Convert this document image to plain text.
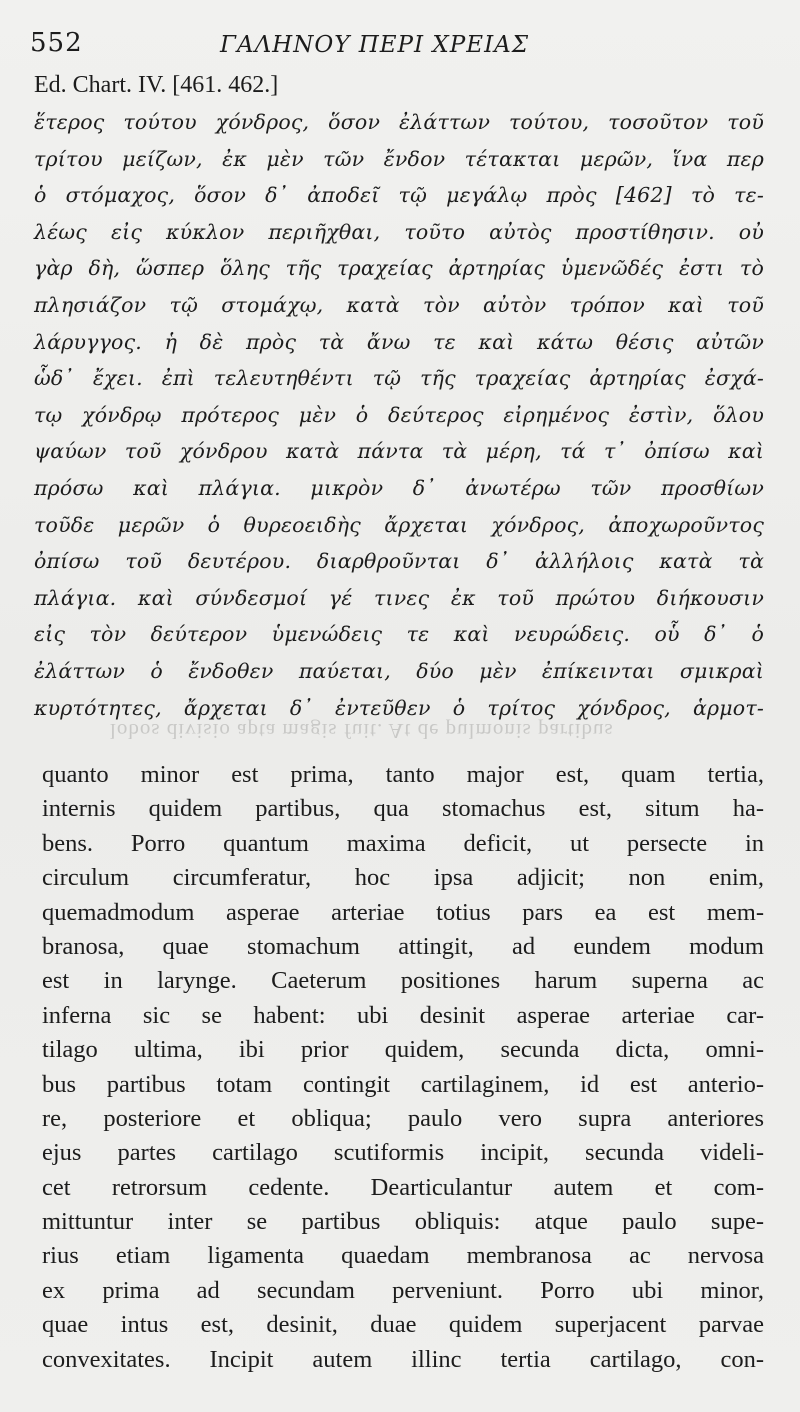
552	ΓΑΛΗΝΟΥ ΠΕΡΙ ΧΡΕΙΑΣ
Ed. Chart. IV. [461. 462.]
ἕτερος τούτου χόνδρος, ὅσον ἐλάττων τούτου, τοσοῦτον τοῦ
τρίτου μείζων, ἐκ μὲν τῶν ἔνδον τέτακται μερῶν, ἵνα περ
ὁ στόμαχος, ὅσον δ᾽ ἀποδεῖ τῷ μεγάλῳ πρὸς [462] τὸ τε-
λέως εἰς κύκλον περιῆχθαι, τοῦτο αὐτὸς προστίθησιν. οὐ
γὰρ δὴ, ὥσπερ ὅλης τῆς τραχείας ἀρτηρίας ὑμενῶδές ἐστι τὸ
πλησιάζον τῷ στομάχῳ, κατὰ τὸν αὐτὸν τρόπον καὶ τοῦ
λάρυγγος. ἡ δὲ πρὸς τὰ ἄνω τε καὶ κάτω θέσις αὐτῶν
ὧδ᾽ ἔχει. ἐπὶ τελευτηθέντι τῷ τῆς τραχείας ἀρτηρίας ἐσχά-
τῳ χόνδρῳ πρότερος μὲν ὁ δεύτερος εἰρημένος ἐστὶν, ὅλου
ψαύων τοῦ χόνδρου κατὰ πάντα τὰ μέρη, τά τ᾽ ὀπίσω καὶ
πρόσω καὶ πλάγια. μικρὸν δ᾽ ἀνωτέρω τῶν προσθίων
τοῦδε μερῶν ὁ θυρεοειδὴς ἄρχεται χόνδρος, ἀποχωροῦντος
ὀπίσω τοῦ δευτέρου. διαρθροῦνται δ᾽ ἀλλήλοις κατὰ τὰ
πλάγια. καὶ σύνδεσμοί γέ τινες ἐκ τοῦ πρώτου διήκουσιν
εἰς τὸν δεύτερον ὑμενώδεις τε καὶ νευρώδεις. οὗ δ᾽ ὁ
ἐλάττων ὁ ἔνδοθεν παύεται, δύο μὲν ἐπίκεινται σμικραὶ
κυρτότητες, ἄρχεται δ᾽ ἐντεῦθεν ὁ τρίτος χόνδρος, ἁρμοτ-
lobos divisio apta magis fuit. At de pulmonis partibus
quanto minor est prima, tanto major est, quam tertia,
internis quidem partibus, qua stomachus est, situm ha-
bens. Porro quantum maxima deficit, ut persecte in
circulum circumferatur, hoc ipsa adjicit; non enim,
quemadmodum asperae arteriae totius pars ea est mem-
branosa, quae stomachum attingit, ad eundem modum
est in larynge. Caeterum positiones harum superna ac
inferna sic se habent: ubi desinit asperae arteriae car-
tilago ultima, ibi prior quidem, secunda dicta, omni-
bus partibus totam contingit cartilaginem, id est anterio-
re, posteriore et obliqua; paulo vero supra anteriores
ejus partes cartilago scutiformis incipit, secunda videli-
cet retrorsum cedente. Dearticulantur autem et com-
mittuntur inter se partibus obliquis: atque paulo supe-
rius etiam ligamenta quaedam membranosa ac nervosa
ex prima ad secundam perveniunt. Porro ubi minor,
quae intus est, desinit, duae quidem superjacent parvae
convexitates. Incipit autem illinc tertia cartilago, con-
